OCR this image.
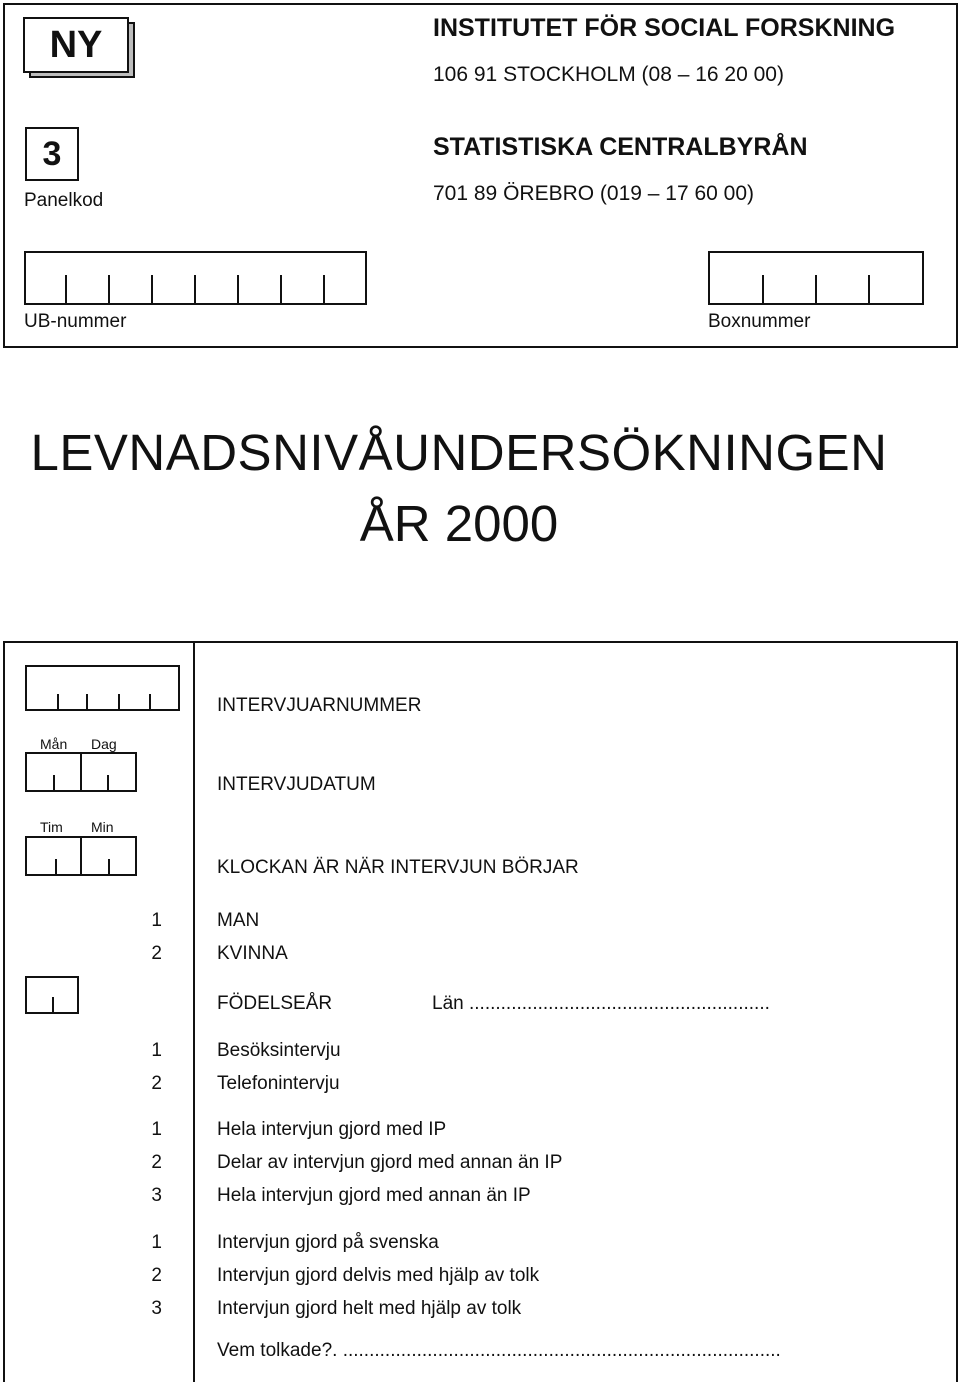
NY	INSTITUTET FÖR SOCIAL FORSKNING
106 91 STOCKHOLM (08 – 16 20 00)
STATISTISKA CENTRALBYRÅN
701 89 ÖREBRO (019 – 17 60 00)
3
Panelkod
UB-nummer	Boxnummer
LEVNADSNIVÅUNDERSÖKNINGEN
ÅR 2000
INTERVJUARNUMMER
Mån Dag
INTERVJUDATUM
Tim Min
KLOCKAN ÄR NÄR INTERVJUN BÖRJAR
1	MAN
2	KVINNA
FÖDELSEÅR	Län .........................................................
1	Besöksintervju
2	Telefonintervju
1	Hela intervjun gjord med IP
2	Delar av intervjun gjord med annan än IP
3	Hela intervjun gjord med annan än IP
1	Intervjun gjord på svenska
2	Intervjun gjord delvis med hjälp av tolk
3	Intervjun gjord helt med hjälp av tolk
Vem tolkade?. ...................................................................................
